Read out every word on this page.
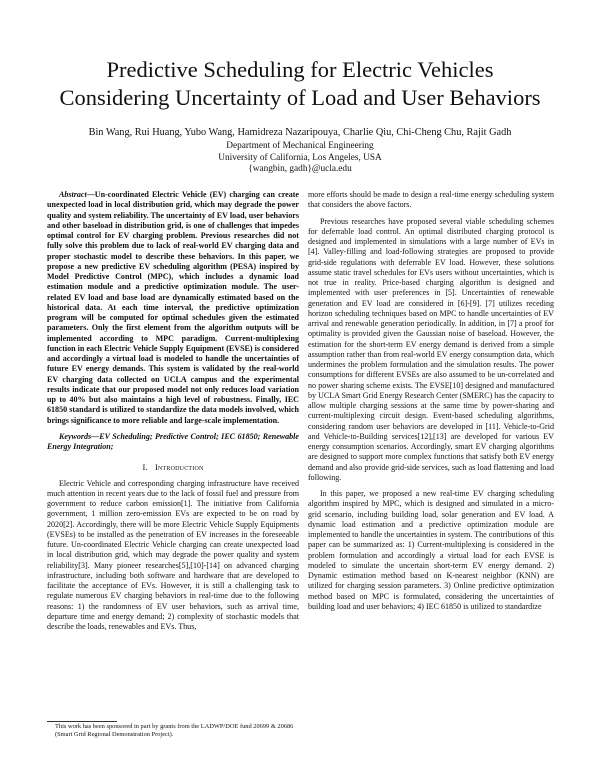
Predictive Scheduling for Electric Vehicles
Considering Uncertainty of Load and User Behaviors
Bin Wang, Rui Huang, Yubo Wang, Hamidreza Nazaripouya, Charlie Qiu, Chi-Cheng Chu, Rajit Gadh
Department of Mechanical Engineering
University of California, Los Angeles, USA
{wangbin, gadh}@ucla.edu

Abstract—Un-coordinated Electric Vehicle (EV) charging can create unexpected load in local distribution grid, which may degrade the power quality and system reliability. The uncertainty of EV load, user behaviors and other baseload in distribution grid, is one of challenges that impedes optimal control for EV charging problem. Previous researches did not fully solve this problem due to lack of real-world EV charging data and proper stochastic model to describe these behaviors. In this paper, we propose a new predictive EV scheduling algorithm (PESA) inspired by Model Predictive Control (MPC), which includes a dynamic load estimation module and a predictive optimization module. The user-related EV load and base load are dynamically estimated based on the historical data. At each time interval, the predictive optimization program will be computed for optimal schedules given the estimated parameters. Only the first element from the algorithm outputs will be implemented according to MPC paradigm. Current-multiplexing function in each Electric Vehicle Supply Equipment (EVSE) is considered and accordingly a virtual load is modeled to handle the uncertainties of future EV energy demands. This system is validated by the real-world EV charging data collected on UCLA campus and the experimental results indicate that our proposed model not only reduces load variation up to 40% but also maintains a high level of robustness. Finally, IEC 61850 standard is utilized to standardize the data models involved, which brings significance to more reliable and large-scale implementation.

Keywords—EV Scheduling; Predictive Control; IEC 61850; Renewable Energy Integration;

I. Introduction

Electric Vehicle and corresponding charging infrastructure have received much attention in recent years due to the lack of fossil fuel and pressure from government to reduce carbon emission[1]. The initiative from California government, 1 million zero-emission EVs are expected to be on road by 2020[2]. Accordingly, there will be more Electric Vehicle Supply Equipments (EVSEs) to be installed as the penetration of EV increases in the foreseeable future. Un-coordinated Electric Vehicle charging can create unexpected load in local distribution grid, which may degrade the power quality and system reliability[3]. Many pioneer researches[5],[10]-[14] on advanced charging infrastructure, including both software and hardware that are developed to facilitate the acceptance of EVs. However, it is still a challenging task to regulate numerous EV charging behaviors in real-time due to the following reasons: 1) the randomness of EV user behaviors, such as arrival time, departure time and energy demand; 2) complexity of stochastic models that describe the loads, renewables and EVs. Thus,

more efforts should be made to design a real-time energy scheduling system that considers the above factors.

Previous researches have proposed several viable scheduling schemes for deferrable load control. An optimal distributed charging protocol is designed and implemented in simulations with a large number of EVs in [4]. Valley-filling and load-following strategies are proposed to provide grid-side regulations with deferrable EV load. However, these solutions assume static travel schedules for EVs users without uncertainties, which is not true in reality. Price-based charging algorithm is designed and implemented with user preferences in [5]. Uncertainties of renewable generation and EV load are considered in [6]-[9]. [7] utilizes receding horizon scheduling techniques based on MPC to handle uncertainties of EV arrival and renewable generation periodically. In addition, in [7] a proof for optimality is provided given the Gaussian noise of baseload. However, the estimation for the short-term EV energy demand is derived from a simple assumption rather than from real-world EV energy consumption data, which undermines the problem formulation and the simulation results. The power consumptions for different EVSEs are also assumed to be un-correlated and no power sharing scheme exists. The EVSE[10] designed and manufactured by UCLA Smart Grid Energy Research Center (SMERC) has the capacity to allow multiple charging sessions at the same time by power-sharing and current-multiplexing circuit design. Event-based scheduling algorithms, considering random user behaviors are developed in [11]. Vehicle-to-Grid and Vehicle-to-Building services[12],[13] are developed for various EV energy consumption scenarios. Accordingly, smart EV charging algorithms are designed to support more complex functions that satisfy both EV energy demand and also provide grid-side services, such as load flattening and load following.

In this paper, we proposed a new real-time EV charging scheduling algorithm inspired by MPC, which is designed and simulated in a micro-grid scenario, including building load, solar generation and EV load. A dynamic load estimation and a predictive optimization module are implemented to handle the uncertainties in system. The contributions of this paper can be summarized as: 1) Current-multiplexing is considered in the problem formulation and accordingly a virtual load for each EVSE is modeled to simulate the uncertain short-term EV energy demand. 2) Dynamic estimation method based on K-nearest neighbor (KNN) are utilized for charging session parameters. 3) Online predictive optimization method based on MPC is formulated, considering the uncertainties of building load and user behaviors; 4) IEC 61850 is utilized to standardize

This work has been sponsored in part by grants from the LADWP/DOE fund 20699 & 20686 (Smart Grid Regional Demonstration Project).
